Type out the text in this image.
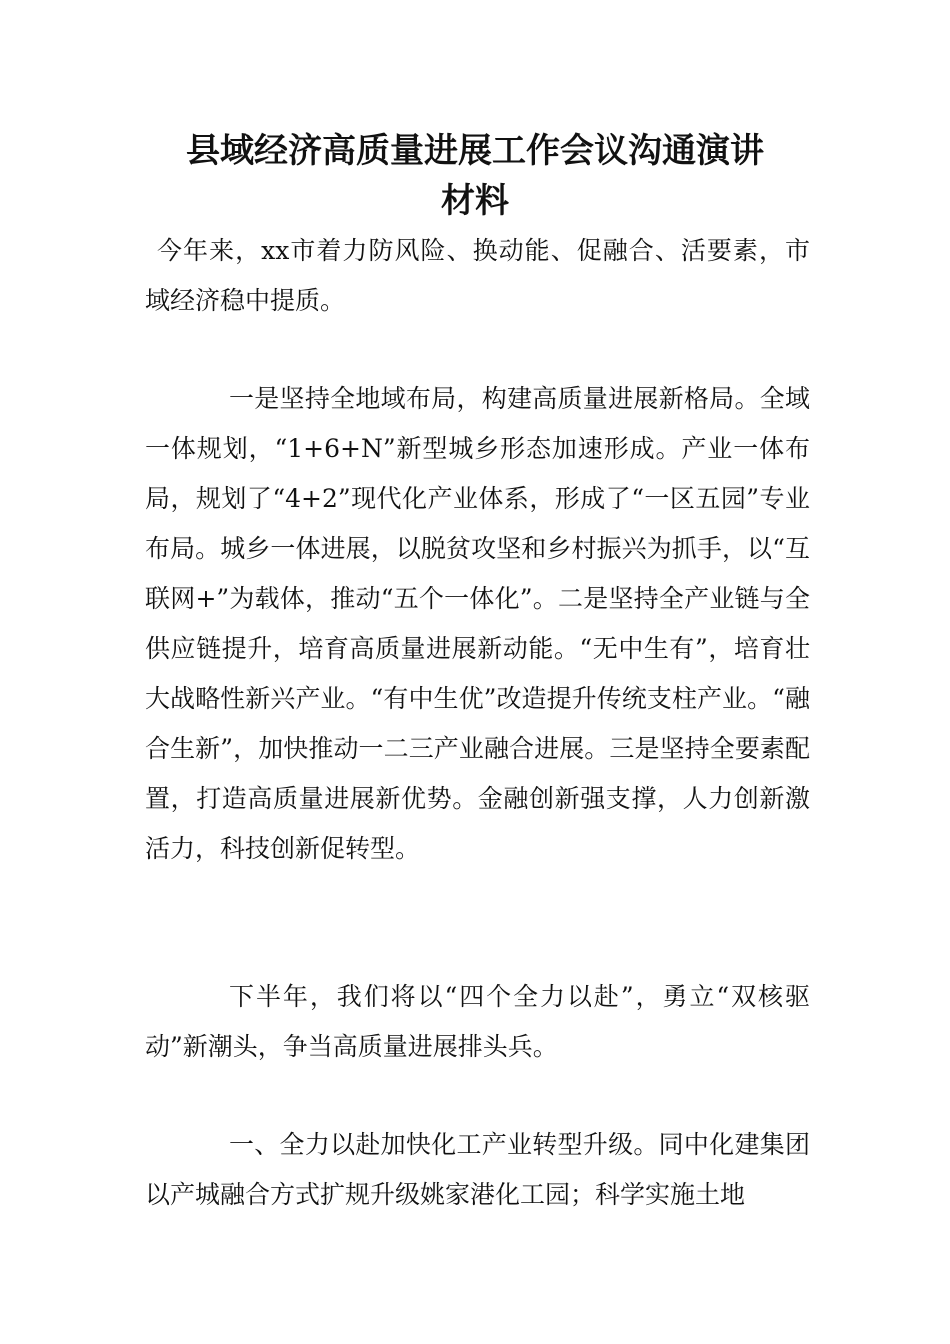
县域经济高质量进展工作会议沟通演讲
材料

今年来，xx市着力防风险、换动能、促融合、活要素，市域经济稳中提质。

一是坚持全地域布局，构建高质量进展新格局。全域一体规划，“1+6+N”新型城乡形态加速形成。产业一体布局，规划了“4+2”现代化产业体系，形成了“一区五园”专业布局。城乡一体进展，以脱贫攻坚和乡村振兴为抓手，以“互联网+”为载体，推动“五个一体化”。二是坚持全产业链与全供应链提升，培育高质量进展新动能。“无中生有”，培育壮大战略性新兴产业。“有中生优”改造提升传统支柱产业。“融合生新”，加快推动一二三产业融合进展。三是坚持全要素配置，打造高质量进展新优势。金融创新强支撑，人力创新激活力，科技创新促转型。

下半年，我们将以“四个全力以赴”，勇立“双核驱动”新潮头，争当高质量进展排头兵。

一、全力以赴加快化工产业转型升级。同中化建集团以产城融合方式扩规升级姚家港化工园；科学实施土地
